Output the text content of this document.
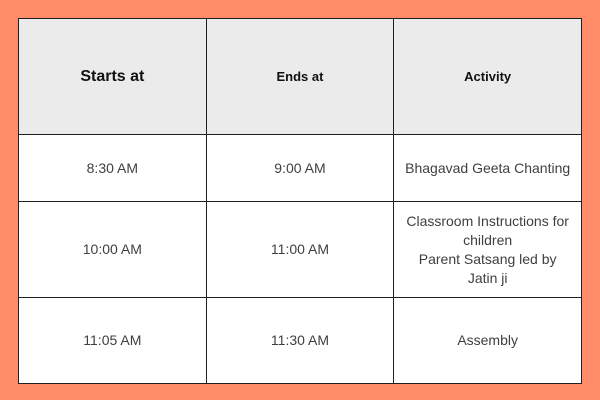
Starts at	Ends at	Activity
8:30 AM	9:00 AM	Bhagavad Geeta Chanting

10:00 AM	11:00 AM	Classroom Instructions for
children
Parent Satsang led by
Jatin ji

11:05 AM	11:30 AM	Assembly
